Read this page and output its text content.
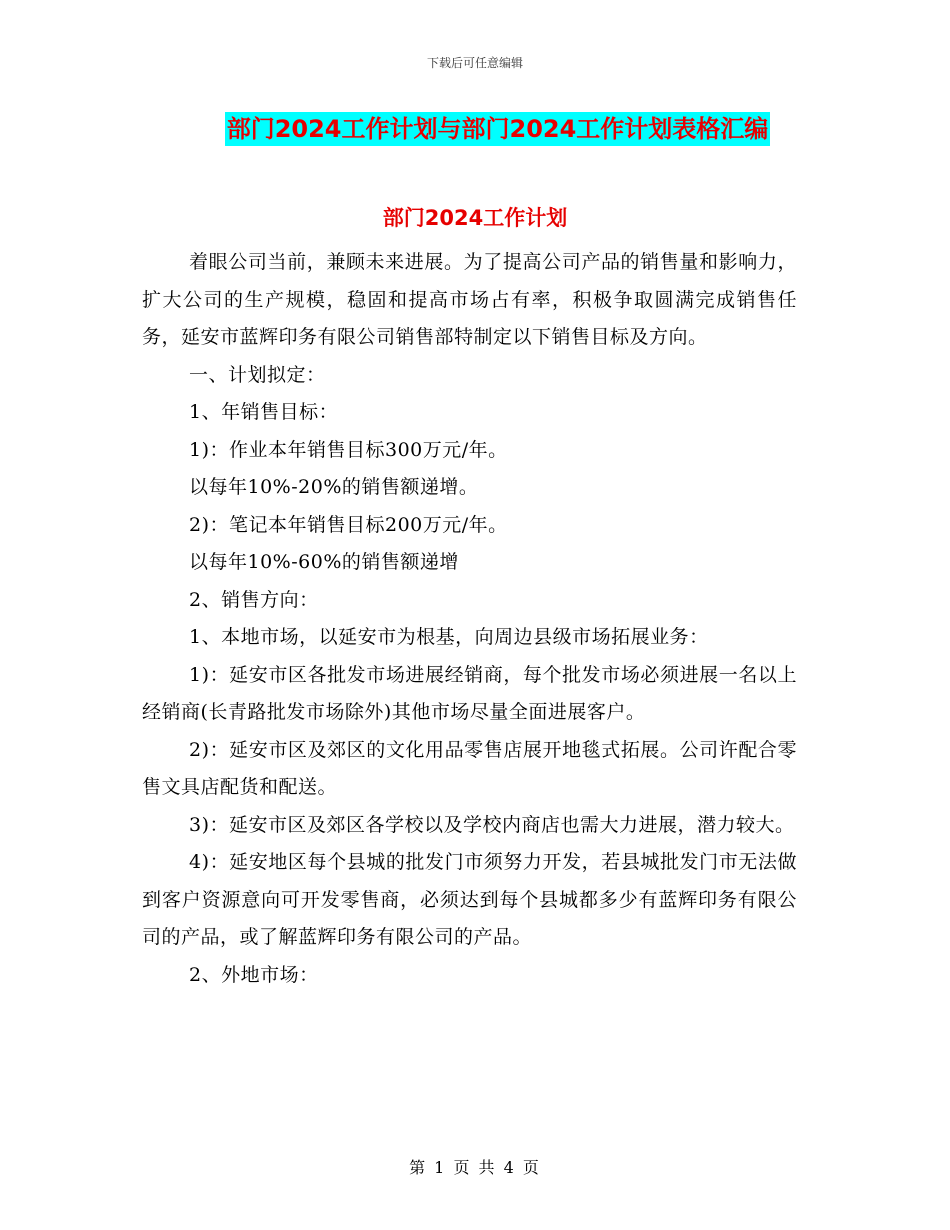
下载后可任意编辑
部门2024工作计划与部门2024工作计划表格汇编
部门2024工作计划

着眼公司当前，兼顾未来进展。为了提高公司产品的销售量和影响力，扩大公司的生产规模，稳固和提高市场占有率，积极争取圆满完成销售任务，延安市蓝辉印务有限公司销售部特制定以下销售目标及方向。

一、计划拟定：

1、年销售目标：

1)：作业本年销售目标300万元/年。

以每年10%-20%的销售额递增。

2)：笔记本年销售目标200万元/年。

以每年10%-60%的销售额递增

2、销售方向：

1、本地市场，以延安市为根基，向周边县级市场拓展业务：

1)：延安市区各批发市场进展经销商，每个批发市场必须进展一名以上经销商(长青路批发市场除外)其他市场尽量全面进展客户。

2)：延安市区及郊区的文化用品零售店展开地毯式拓展。公司许配合零售文具店配货和配送。

3)：延安市区及郊区各学校以及学校内商店也需大力进展，潜力较大。

4)：延安地区每个县城的批发门市须努力开发，若县城批发门市无法做到客户资源意向可开发零售商，必须达到每个县城都多少有蓝辉印务有限公司的产品，或了解蓝辉印务有限公司的产品。

2、外地市场：

第 1 页 共 4 页
